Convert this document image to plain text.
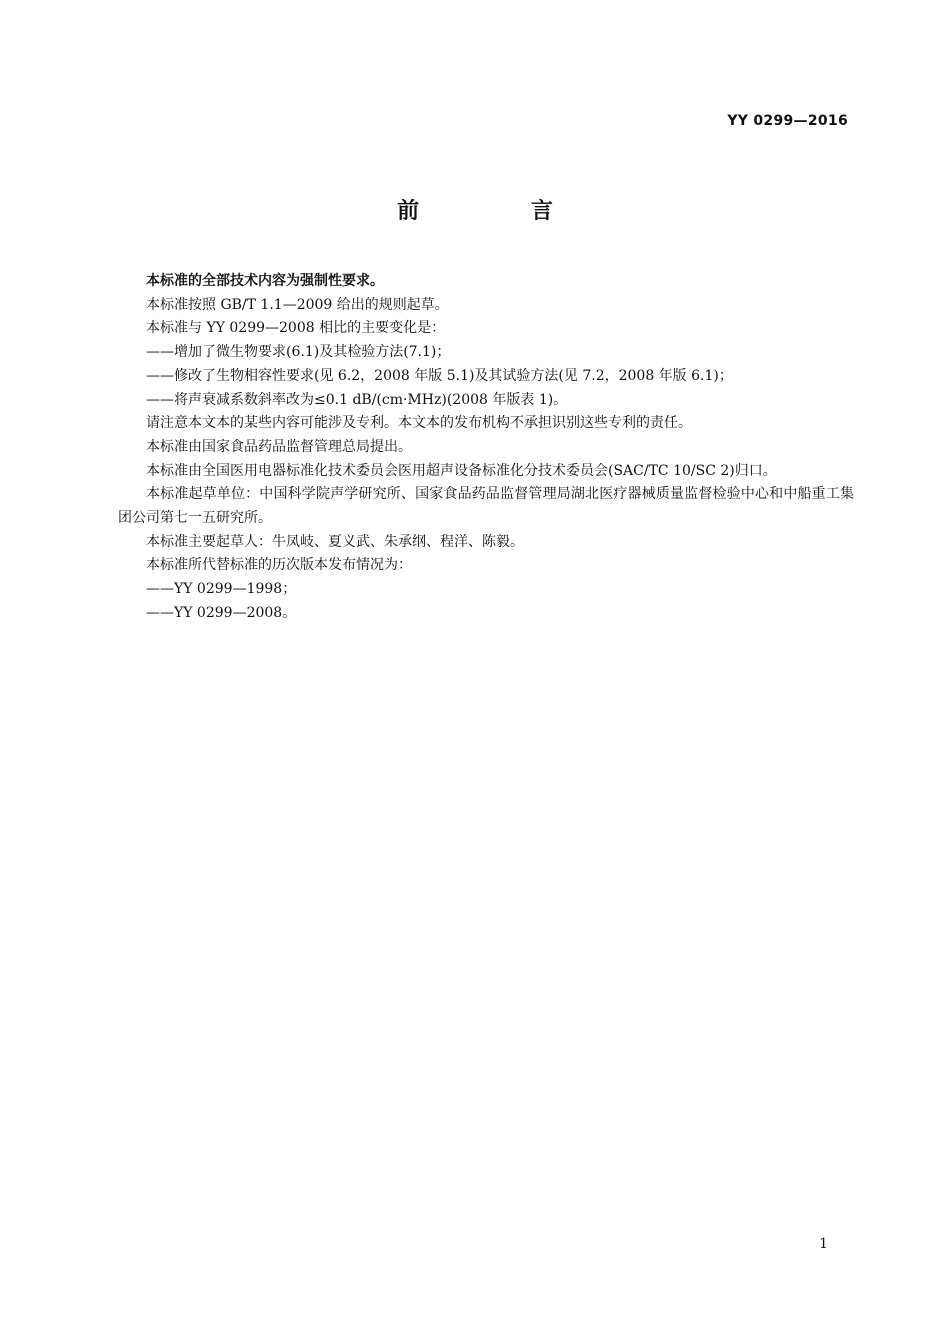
YY 0299—2016
前 言

本标准的全部技术内容为强制性要求。

本标准按照 GB/T 1.1—2009 给出的规则起草。

本标准与 YY 0299—2008 相比的主要变化是：

——增加了微生物要求(6.1)及其检验方法(7.1)；

——修改了生物相容性要求(见 6.2，2008 年版 5.1)及其试验方法(见 7.2，2008 年版 6.1)；

——将声衰减系数斜率改为≤0.1 dB/(cm·MHz)(2008 年版表 1)。

请注意本文本的某些内容可能涉及专利。本文本的发布机构不承担识别这些专利的责任。

本标准由国家食品药品监督管理总局提出。

本标准由全国医用电器标准化技术委员会医用超声设备标准化分技术委员会(SAC/TC 10/SC 2)归口。

本标准起草单位：中国科学院声学研究所、国家食品药品监督管理局湖北医疗器械质量监督检验中心和中船重工集团公司第七一五研究所。

本标准主要起草人：牛凤岐、夏义武、朱承纲、程洋、陈毅。

本标准所代替标准的历次版本发布情况为：

——YY 0299—1998；

——YY 0299—2008。

1
